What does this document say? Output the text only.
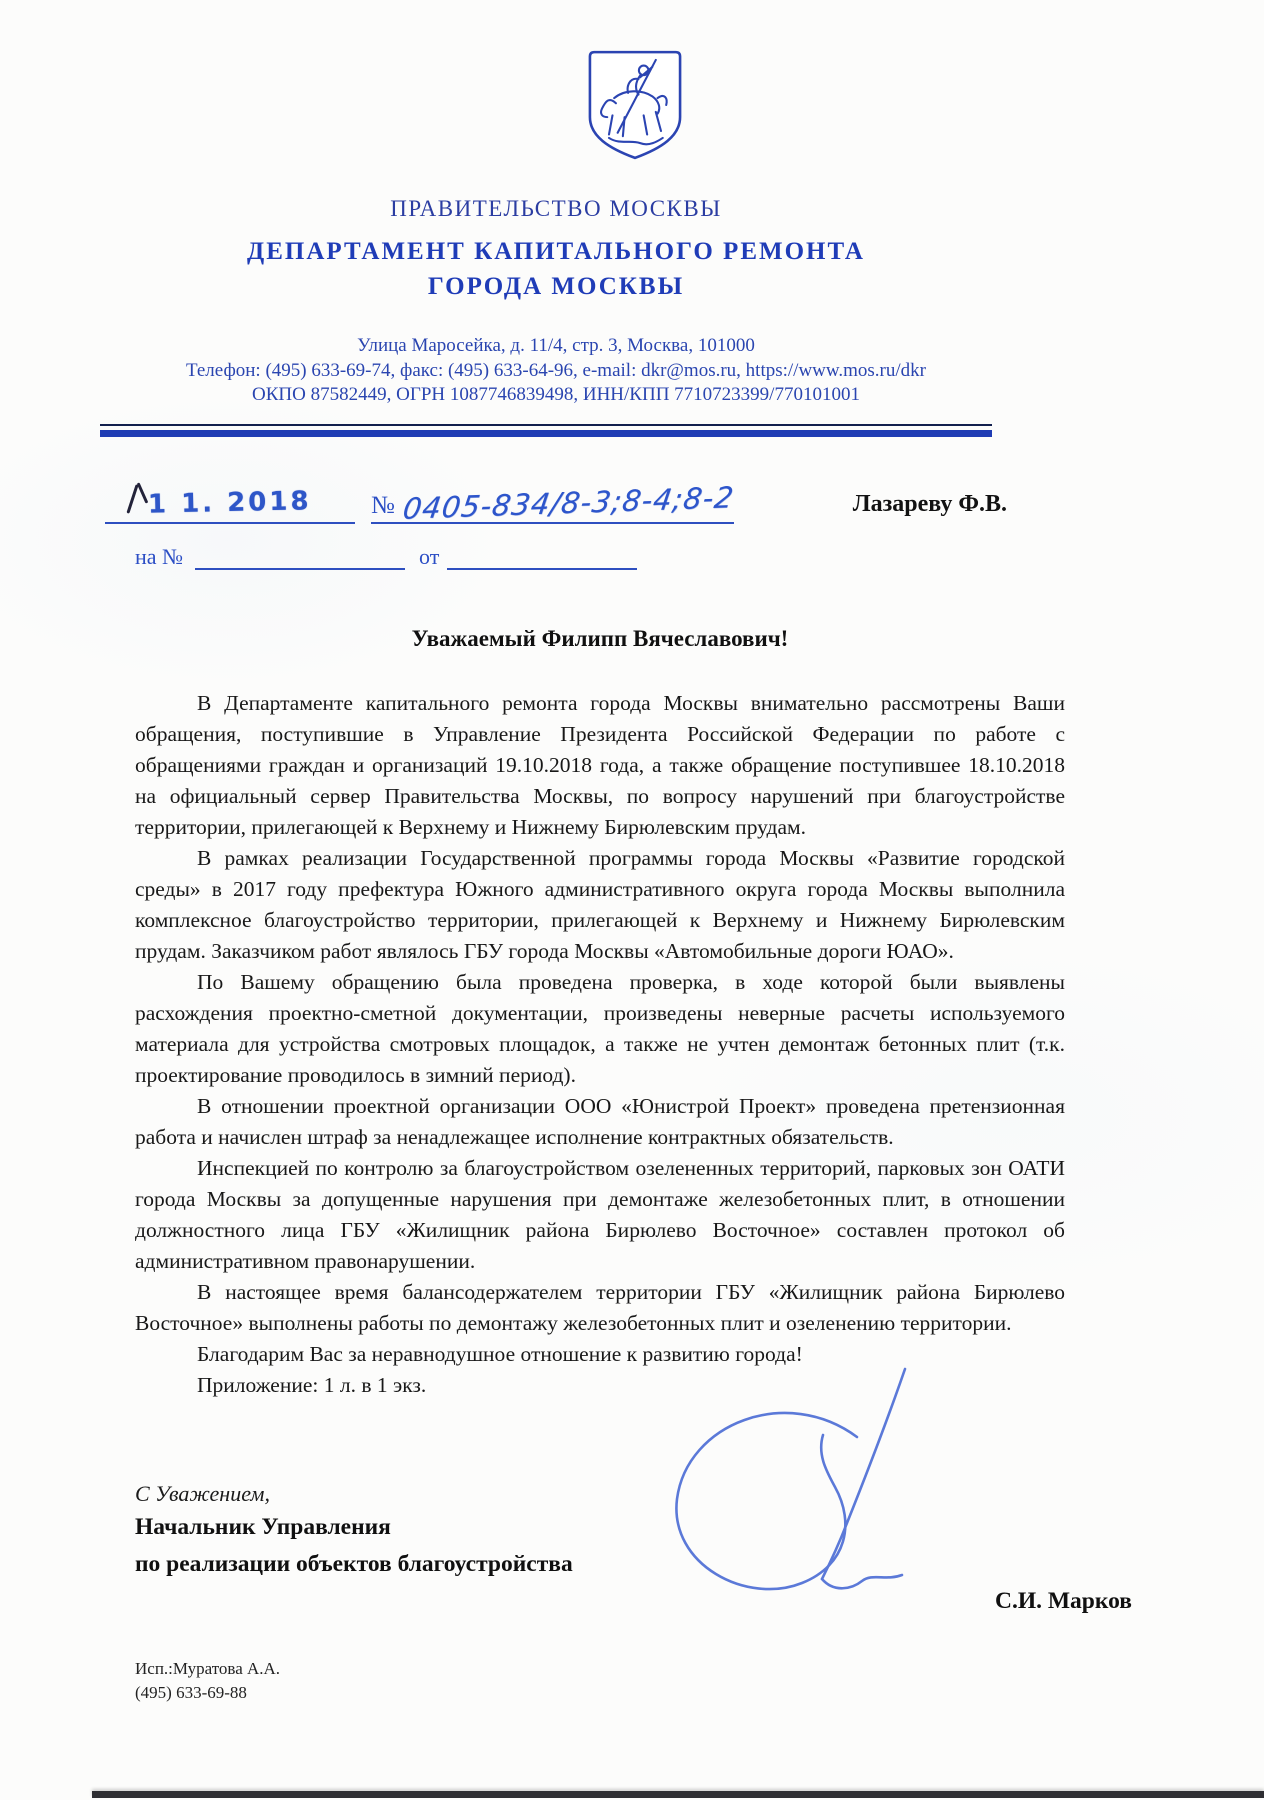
ПРАВИТЕЛЬСТВО МОСКВЫ
ДЕПАРТАМЕНТ КАПИТАЛЬНОГО РЕМОНТА
ГОРОДА МОСКВЫ
Улица Маросейка, д. 11/4, стр. 3, Москва, 101000
Телефон: (495) 633-69-74, факс: (495) 633-64-96, e-mail: dkr@mos.ru, https://www.mos.ru/dkr
ОКПО 87582449, ОГРН 1087746839498, ИНН/КПП 7710723399/770101001
1 1. 2018	№ 0405-834/8-3;8-4;8-2	Лазареву Ф.В.
на №	от
Уважаемый Филипп Вячеславович!

В Департаменте капитального ремонта города Москвы внимательно рассмотрены Ваши обращения, поступившие в Управление Президента Российской Федерации по работе с обращениями граждан и организаций 19.10.2018 года, а также обращение поступившее 18.10.2018 на официальный сервер Правительства Москвы, по вопросу нарушений при благоустройстве территории, прилегающей к Верхнему и Нижнему Бирюлевским прудам.

В рамках реализации Государственной программы города Москвы «Развитие городской среды» в 2017 году префектура Южного административного округа города Москвы выполнила комплексное благоустройство территории, прилегающей к Верхнему и Нижнему Бирюлевским прудам. Заказчиком работ являлось ГБУ города Москвы «Автомобильные дороги ЮАО».

По Вашему обращению была проведена проверка, в ходе которой были выявлены расхождения проектно-сметной документации, произведены неверные расчеты используемого материала для устройства смотровых площадок, а также не учтен демонтаж бетонных плит (т.к. проектирование проводилось в зимний период).

В отношении проектной организации ООО «Юнистрой Проект» проведена претензионная работа и начислен штраф за ненадлежащее исполнение контрактных обязательств.

Инспекцией по контролю за благоустройством озелененных территорий, парковых зон ОАТИ города Москвы за допущенные нарушения при демонтаже железобетонных плит, в отношении должностного лица ГБУ «Жилищник района Бирюлево Восточное» составлен протокол об административном правонарушении.

В настоящее время балансодержателем территории ГБУ «Жилищник района Бирюлево Восточное» выполнены работы по демонтажу железобетонных плит и озеленению территории.

Благодарим Вас за неравнодушное отношение к развитию города!
Приложение: 1 л. в 1 экз.
С Уважением,
Начальник Управления
по реализации объектов благоустройства
С.И. Марков
Исп.:Муратова А.А.
(495) 633-69-88
